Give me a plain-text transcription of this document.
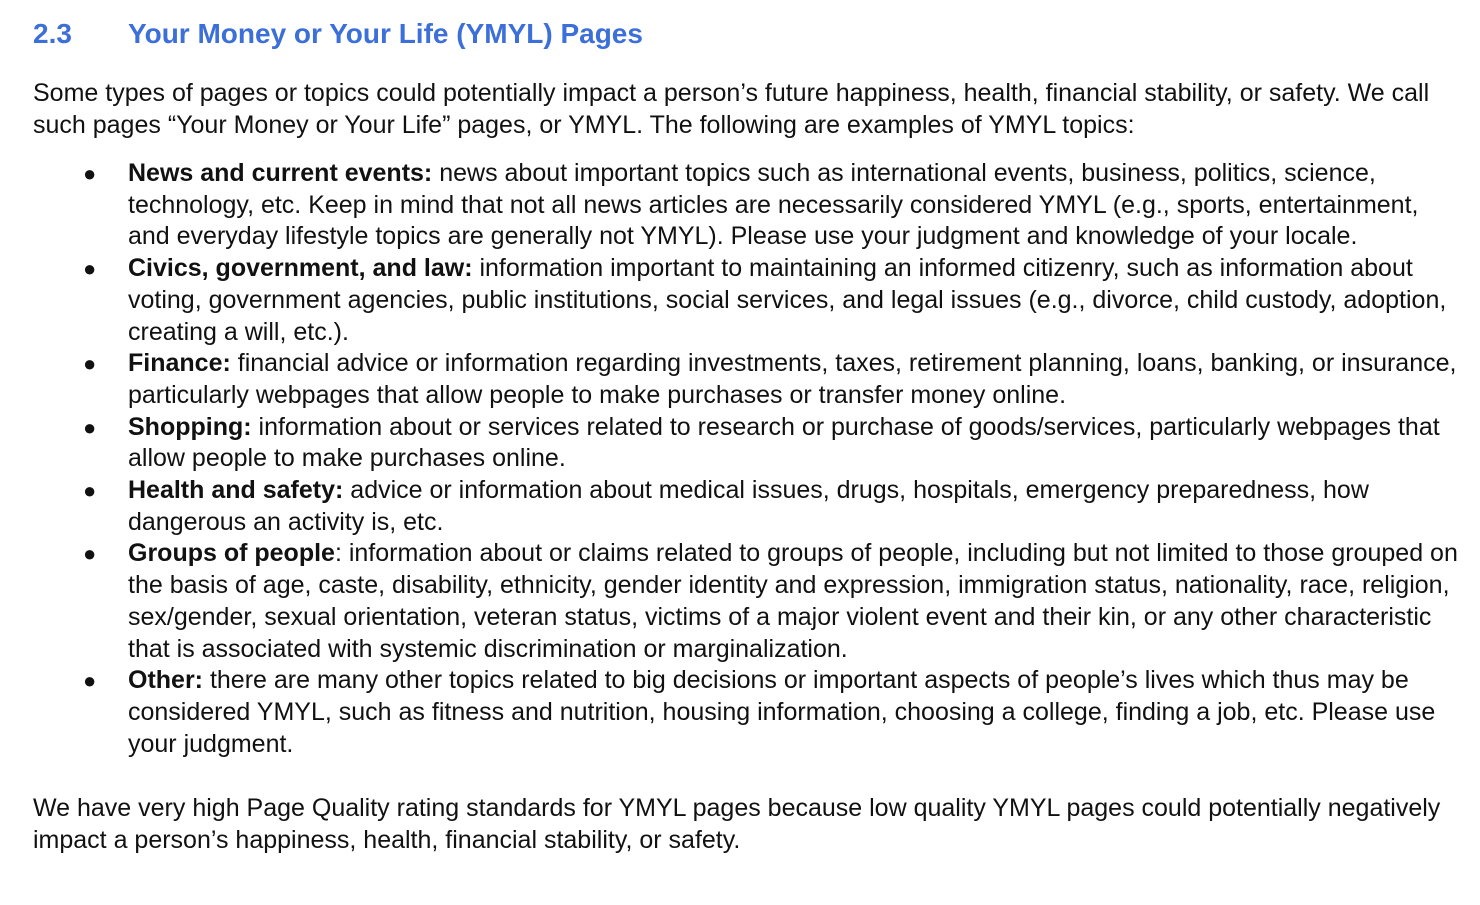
2.3	Your Money or Your Life (YMYL) Pages

Some types of pages or topics could potentially impact a person’s future happiness, health, financial stability, or safety. We call such pages “Your Money or Your Life” pages, or YMYL. The following are examples of YMYL topics:

● News and current events: news about important topics such as international events, business, politics, science, technology, etc. Keep in mind that not all news articles are necessarily considered YMYL (e.g., sports, entertainment, and everyday lifestyle topics are generally not YMYL). Please use your judgment and knowledge of your locale.
● Civics, government, and law: information important to maintaining an informed citizenry, such as information about voting, government agencies, public institutions, social services, and legal issues (e.g., divorce, child custody, adoption, creating a will, etc.).
● Finance: financial advice or information regarding investments, taxes, retirement planning, loans, banking, or insurance, particularly webpages that allow people to make purchases or transfer money online.
● Shopping: information about or services related to research or purchase of goods/services, particularly webpages that allow people to make purchases online.
● Health and safety: advice or information about medical issues, drugs, hospitals, emergency preparedness, how dangerous an activity is, etc.
● Groups of people: information about or claims related to groups of people, including but not limited to those grouped on the basis of age, caste, disability, ethnicity, gender identity and expression, immigration status, nationality, race, religion, sex/gender, sexual orientation, veteran status, victims of a major violent event and their kin, or any other characteristic that is associated with systemic discrimination or marginalization.
● Other: there are many other topics related to big decisions or important aspects of people’s lives which thus may be considered YMYL, such as fitness and nutrition, housing information, choosing a college, finding a job, etc. Please use your judgment.

We have very high Page Quality rating standards for YMYL pages because low quality YMYL pages could potentially negatively impact a person’s happiness, health, financial stability, or safety.
